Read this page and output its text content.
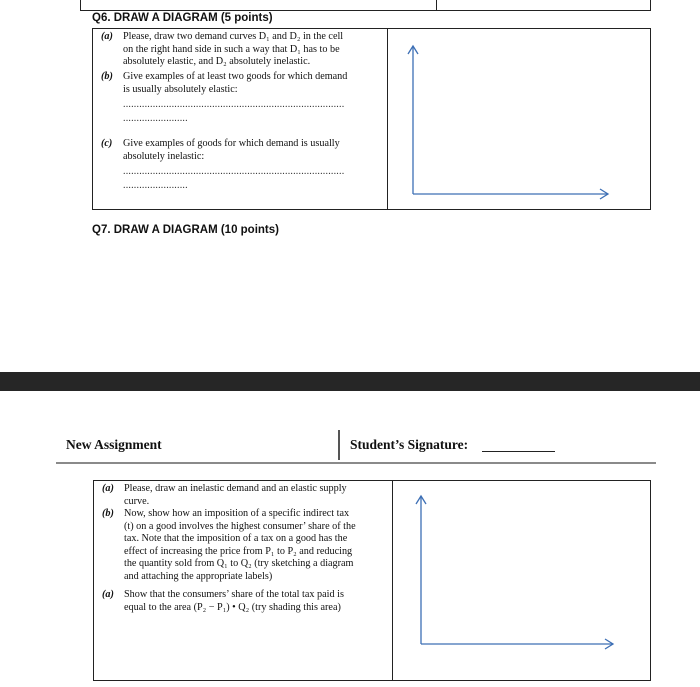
Q6. DRAW A DIAGRAM (5 points)
(a) Please, draw two demand curves D₁ and D₂ in the cell
on the right hand side in such a way that D₁ has to be
absolutely elastic, and D₂ absolutely inelastic.
(b) Give examples of at least two goods for which demand
is usually absolutely elastic:
..................................................................................
........................
(c) Give examples of goods for which demand is usually
absolutely inelastic:
..................................................................................
........................
Q7. DRAW A DIAGRAM (10 points)
New Assignment	Student’s Signature:
(a) Please, draw an inelastic demand and an elastic supply
curve.
(b) Now, show how an imposition of a specific indirect tax
(t) on a good involves the highest consumer’ share of the
tax. Note that the imposition of a tax on a good has the
effect of increasing the price from P₁ to P₂ and reducing
the quantity sold from Q₁ to Q₂ (try sketching a diagram
and attaching the appropriate labels)
(a) Show that the consumers’ share of the total tax paid is
equal to the area (P₂ − P₁) • Q₂ (try shading this area)
